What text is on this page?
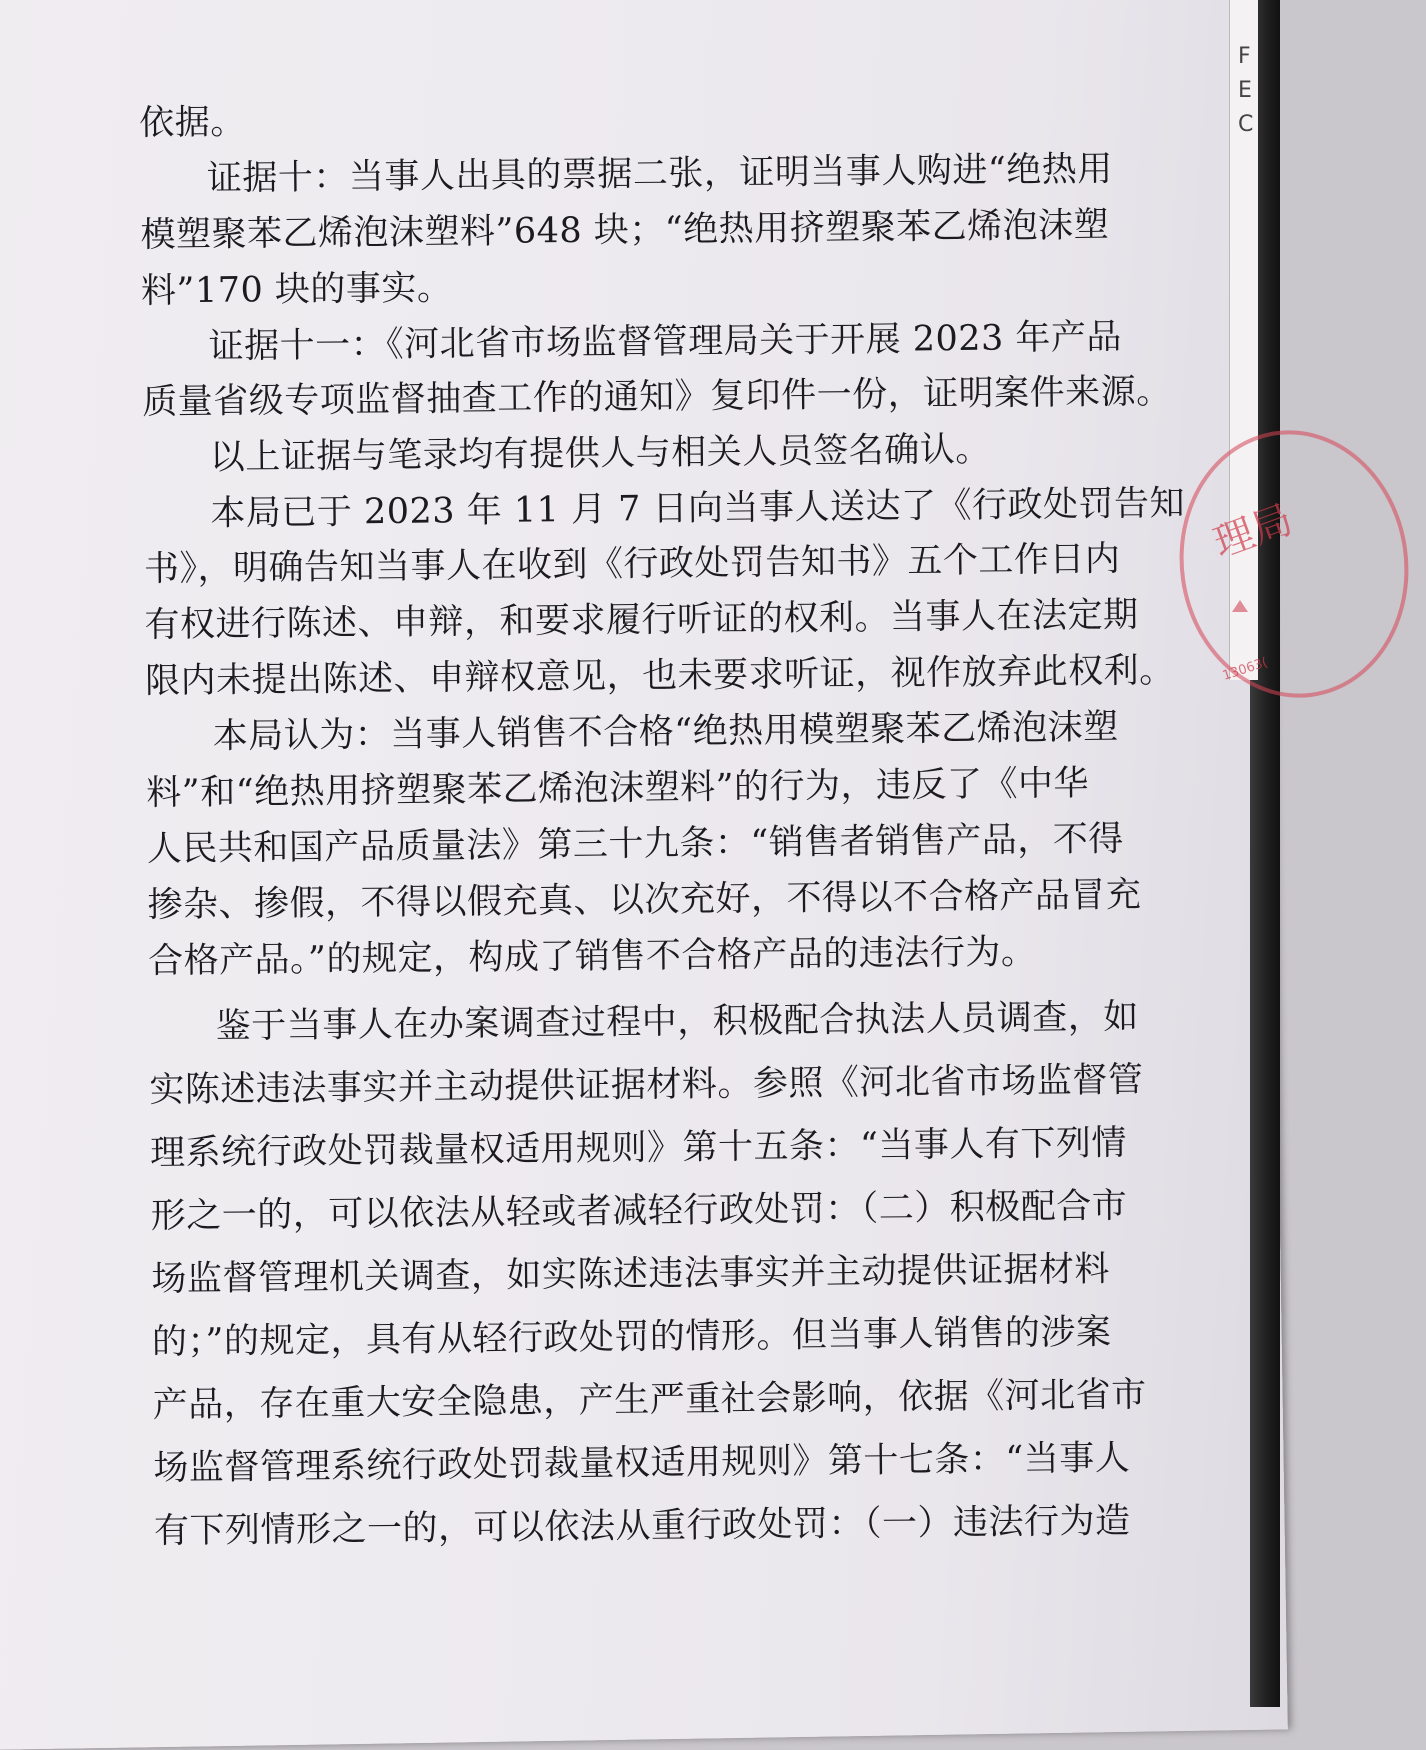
F E C
理局
13063(
依据。
证据十：当事人出具的票据二张，证明当事人购进“绝热用
模塑聚苯乙烯泡沫塑料”648 块；“绝热用挤塑聚苯乙烯泡沫塑
料”170 块的事实。
证据十一：《河北省市场监督管理局关于开展 2023 年产品
质量省级专项监督抽查工作的通知》复印件一份，证明案件来源。
以上证据与笔录均有提供人与相关人员签名确认。
本局已于 2023 年 11 月 7 日向当事人送达了《行政处罚告知
书》，明确告知当事人在收到《行政处罚告知书》五个工作日内
有权进行陈述、申辩，和要求履行听证的权利。当事人在法定期
限内未提出陈述、申辩权意见，也未要求听证，视作放弃此权利。
本局认为：当事人销售不合格“绝热用模塑聚苯乙烯泡沫塑
料”和“绝热用挤塑聚苯乙烯泡沫塑料”的行为，违反了《中华
人民共和国产品质量法》第三十九条：“销售者销售产品，不得
掺杂、掺假，不得以假充真、以次充好，不得以不合格产品冒充
合格产品。”的规定，构成了销售不合格产品的违法行为。
鉴于当事人在办案调查过程中，积极配合执法人员调查，如
实陈述违法事实并主动提供证据材料。参照《河北省市场监督管
理系统行政处罚裁量权适用规则》第十五条：“当事人有下列情
形之一的，可以依法从轻或者减轻行政处罚：（二）积极配合市
场监督管理机关调查，如实陈述违法事实并主动提供证据材料
的；”的规定，具有从轻行政处罚的情形。但当事人销售的涉案
产品，存在重大安全隐患，产生严重社会影响，依据《河北省市
场监督管理系统行政处罚裁量权适用规则》第十七条：“当事人
有下列情形之一的，可以依法从重行政处罚：（一）违法行为造
